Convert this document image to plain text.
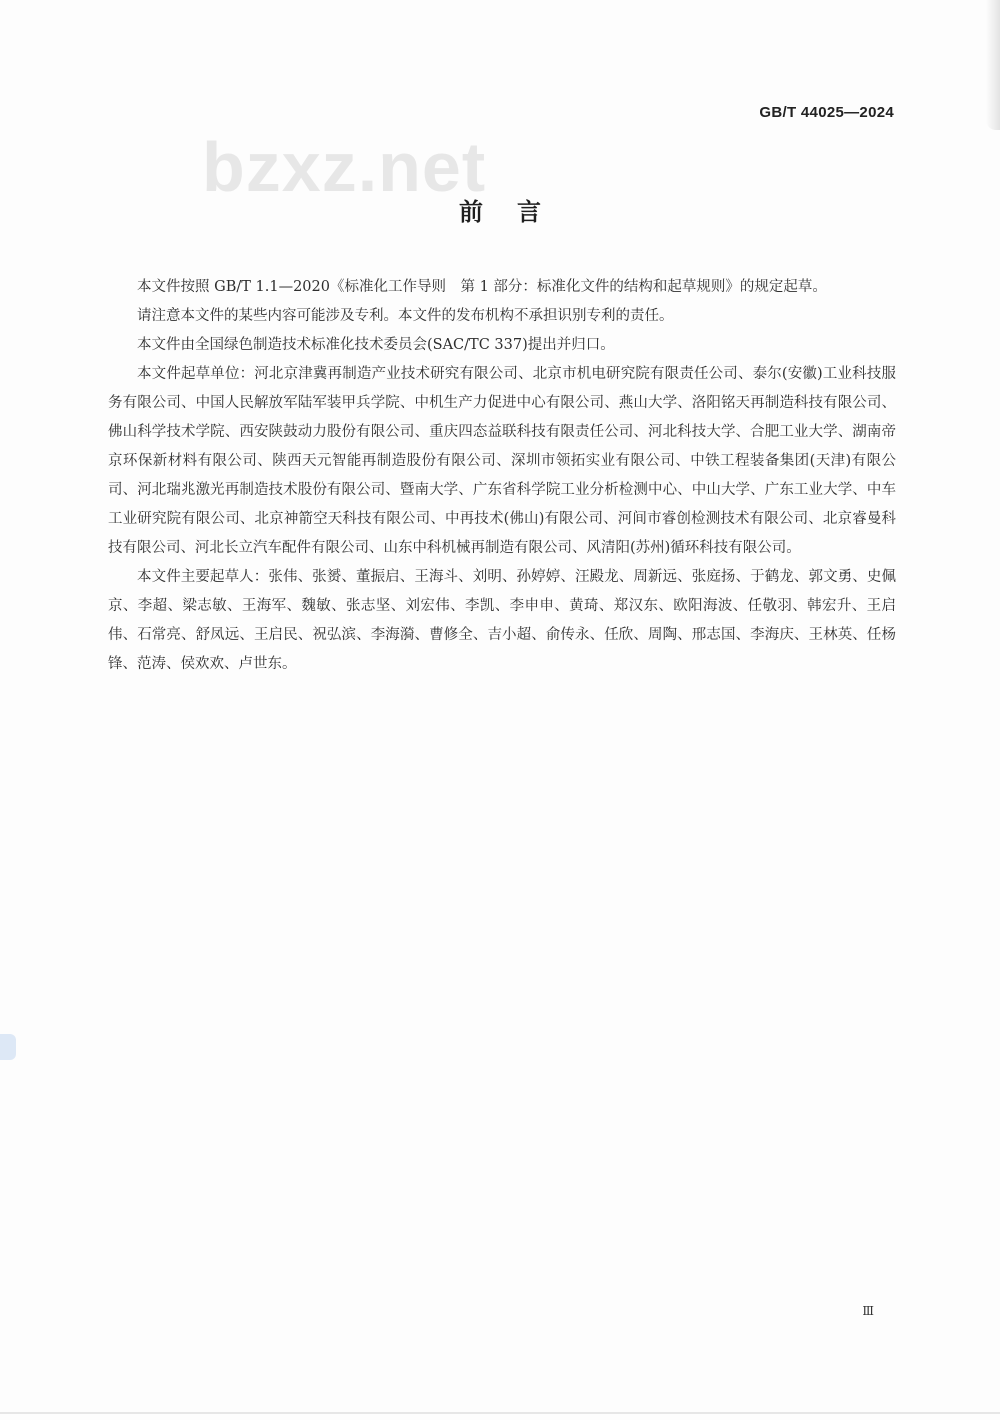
GB/T 44025—2024
bzxz.net
前言

本文件按照 GB/T 1.1—2020《标准化工作导则　第 1 部分：标准化文件的结构和起草规则》的规定起草。

请注意本文件的某些内容可能涉及专利。本文件的发布机构不承担识别专利的责任。

本文件由全国绿色制造技术标准化技术委员会(SAC/TC 337)提出并归口。

本文件起草单位：河北京津冀再制造产业技术研究有限公司、北京市机电研究院有限责任公司、泰尔(安徽)工业科技服务有限公司、中国人民解放军陆军装甲兵学院、中机生产力促进中心有限公司、燕山大学、洛阳铭天再制造科技有限公司、佛山科学技术学院、西安陕鼓动力股份有限公司、重庆四态益联科技有限责任公司、河北科技大学、合肥工业大学、湖南帝京环保新材料有限公司、陕西天元智能再制造股份有限公司、深圳市领拓实业有限公司、中铁工程装备集团(天津)有限公司、河北瑞兆激光再制造技术股份有限公司、暨南大学、广东省科学院工业分析检测中心、中山大学、广东工业大学、中车工业研究院有限公司、北京神箭空天科技有限公司、中再技术(佛山)有限公司、河间市睿创检测技术有限公司、北京睿曼科技有限公司、河北长立汽车配件有限公司、山东中科机械再制造有限公司、风清阳(苏州)循环科技有限公司。

本文件主要起草人：张伟、张赟、董振启、王海斗、刘明、孙婷婷、汪殿龙、周新远、张庭扬、于鹤龙、郭文勇、史佩京、李超、梁志敏、王海军、魏敏、张志坚、刘宏伟、李凯、李申申、黄琦、郑汉东、欧阳海波、任敬羽、韩宏升、王启伟、石常亮、舒凤远、王启民、祝弘滨、李海漪、曹修全、吉小超、俞传永、任欣、周陶、邢志国、李海庆、王林英、任杨锋、范涛、侯欢欢、卢世东。

Ⅲ
